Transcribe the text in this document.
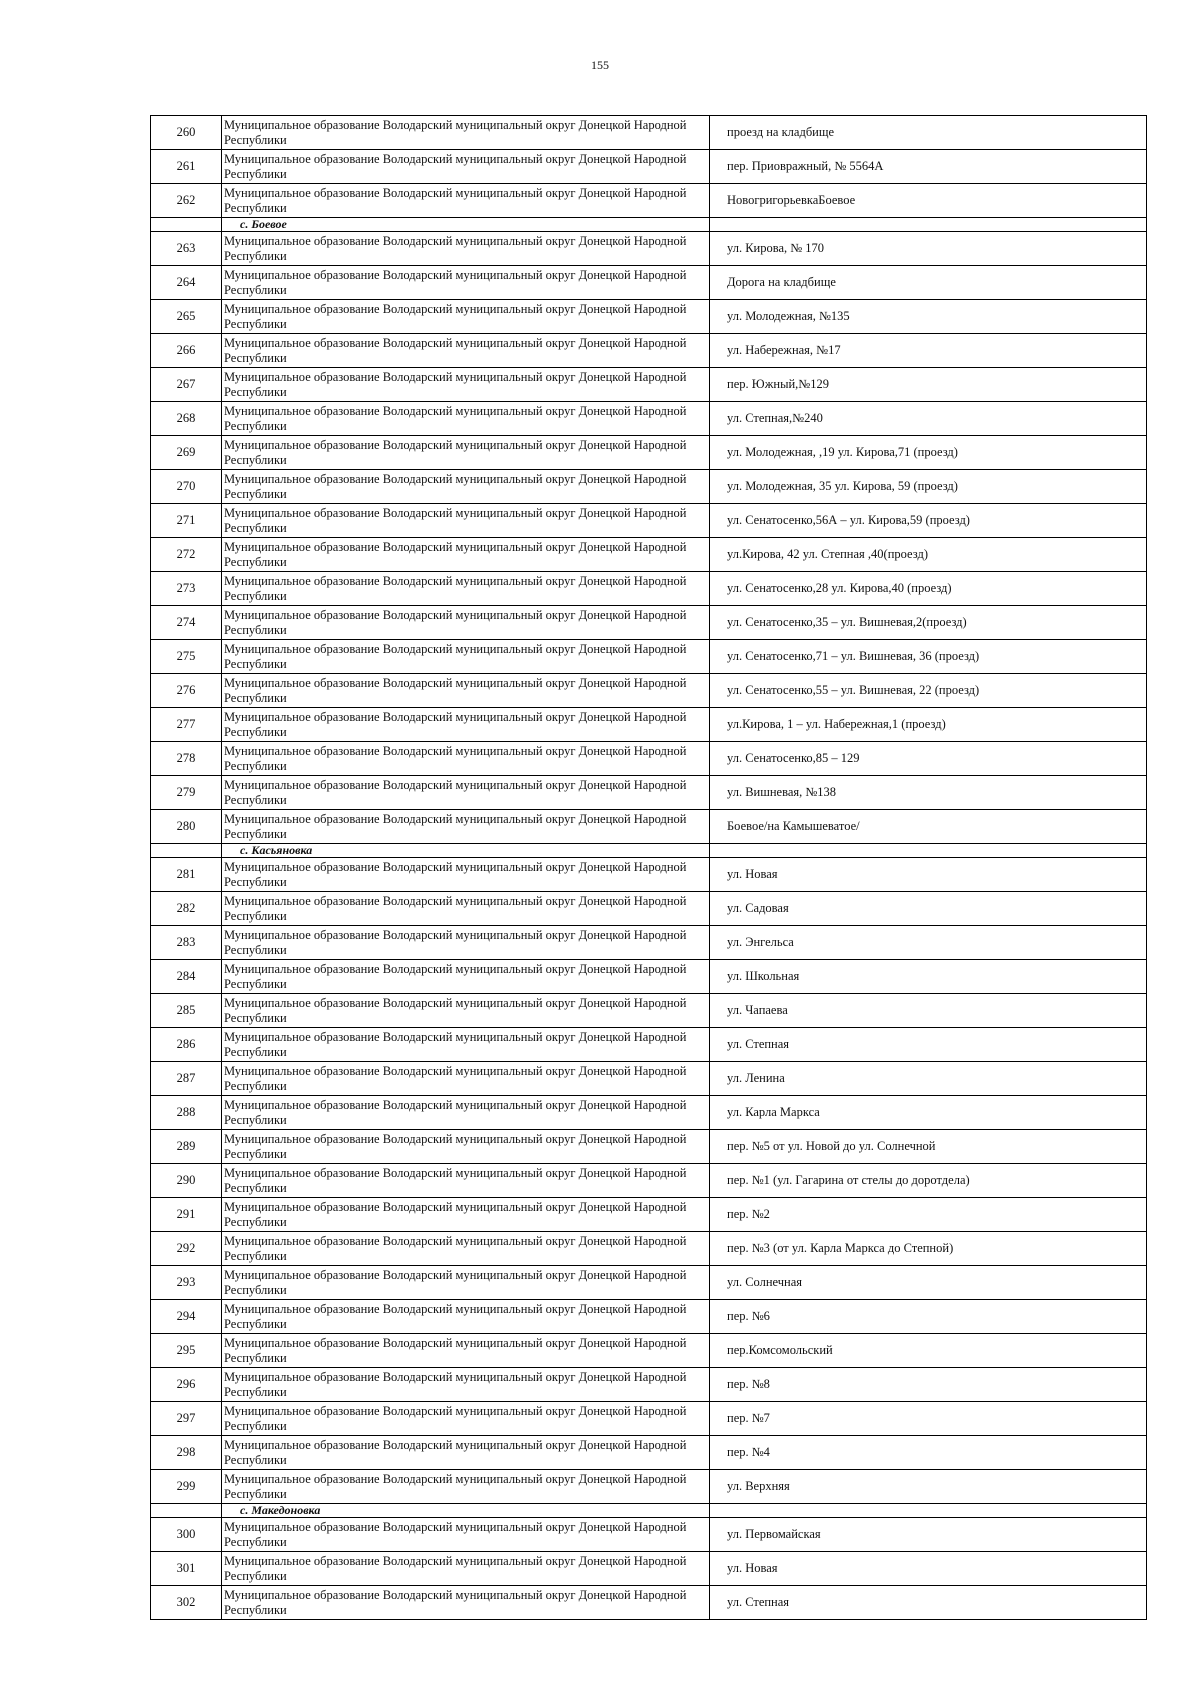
155
260	Муниципальное образование Володарский муниципальный округ Донецкой Народной Республики	проезд на кладбище
261	Муниципальное образование Володарский муниципальный округ Донецкой Народной Республики	пер. Приовражный, № 5564А
262	Муниципальное образование Володарский муниципальный округ Донецкой Народной Республики	НовогригорьевкаБоевое
	с. Боевое	
263	Муниципальное образование Володарский муниципальный округ Донецкой Народной Республики	ул. Кирова, № 170
264	Муниципальное образование Володарский муниципальный округ Донецкой Народной Республики	Дорога на кладбище
265	Муниципальное образование Володарский муниципальный округ Донецкой Народной Республики	ул. Молодежная, №135
266	Муниципальное образование Володарский муниципальный округ Донецкой Народной Республики	ул. Набережная, №17
267	Муниципальное образование Володарский муниципальный округ Донецкой Народной Республики	пер. Южный,№129
268	Муниципальное образование Володарский муниципальный округ Донецкой Народной Республики	ул. Степная,№240
269	Муниципальное образование Володарский муниципальный округ Донецкой Народной Республики	ул. Молодежная, ,19 ул. Кирова,71 (проезд)
270	Муниципальное образование Володарский муниципальный округ Донецкой Народной Республики	ул. Молодежная, 35 ул. Кирова, 59 (проезд)
271	Муниципальное образование Володарский муниципальный округ Донецкой Народной Республики	ул. Сенатосенко,56А – ул. Кирова,59 (проезд)
272	Муниципальное образование Володарский муниципальный округ Донецкой Народной Республики	ул.Кирова, 42 ул. Степная ,40(проезд)
273	Муниципальное образование Володарский муниципальный округ Донецкой Народной Республики	ул. Сенатосенко,28 ул. Кирова,40 (проезд)
274	Муниципальное образование Володарский муниципальный округ Донецкой Народной Республики	ул. Сенатосенко,35 – ул. Вишневая,2(проезд)
275	Муниципальное образование Володарский муниципальный округ Донецкой Народной Республики	ул. Сенатосенко,71 – ул. Вишневая, 36 (проезд)
276	Муниципальное образование Володарский муниципальный округ Донецкой Народной Республики	ул. Сенатосенко,55 – ул. Вишневая, 22 (проезд)
277	Муниципальное образование Володарский муниципальный округ Донецкой Народной Республики	ул.Кирова, 1 – ул. Набережная,1 (проезд)
278	Муниципальное образование Володарский муниципальный округ Донецкой Народной Республики	ул. Сенатосенко,85 – 129
279	Муниципальное образование Володарский муниципальный округ Донецкой Народной Республики	ул. Вишневая, №138
280	Муниципальное образование Володарский муниципальный округ Донецкой Народной Республики	Боевое/на Камышеватое/
	с. Касьяновка	
281	Муниципальное образование Володарский муниципальный округ Донецкой Народной Республики	ул. Новая
282	Муниципальное образование Володарский муниципальный округ Донецкой Народной Республики	ул. Садовая
283	Муниципальное образование Володарский муниципальный округ Донецкой Народной Республики	ул. Энгельса
284	Муниципальное образование Володарский муниципальный округ Донецкой Народной Республики	ул. Школьная
285	Муниципальное образование Володарский муниципальный округ Донецкой Народной Республики	ул. Чапаева
286	Муниципальное образование Володарский муниципальный округ Донецкой Народной Республики	ул. Степная
287	Муниципальное образование Володарский муниципальный округ Донецкой Народной Республики	ул. Ленина
288	Муниципальное образование Володарский муниципальный округ Донецкой Народной Республики	ул. Карла Маркса
289	Муниципальное образование Володарский муниципальный округ Донецкой Народной Республики	пер. №5 от ул. Новой до ул. Солнечной
290	Муниципальное образование Володарский муниципальный округ Донецкой Народной Республики	пер. №1 (ул. Гагарина от стелы до доротдела)
291	Муниципальное образование Володарский муниципальный округ Донецкой Народной Республики	пер. №2
292	Муниципальное образование Володарский муниципальный округ Донецкой Народной Республики	пер. №3 (от ул. Карла Маркса до Степной)
293	Муниципальное образование Володарский муниципальный округ Донецкой Народной Республики	ул. Солнечная
294	Муниципальное образование Володарский муниципальный округ Донецкой Народной Республики	пер. №6
295	Муниципальное образование Володарский муниципальный округ Донецкой Народной Республики	пер.Комсомольский
296	Муниципальное образование Володарский муниципальный округ Донецкой Народной Республики	пер. №8
297	Муниципальное образование Володарский муниципальный округ Донецкой Народной Республики	пер. №7
298	Муниципальное образование Володарский муниципальный округ Донецкой Народной Республики	пер. №4
299	Муниципальное образование Володарский муниципальный округ Донецкой Народной Республики	ул. Верхняя
	с. Македоновка	
300	Муниципальное образование Володарский муниципальный округ Донецкой Народной Республики	ул. Первомайская
301	Муниципальное образование Володарский муниципальный округ Донецкой Народной Республики	ул. Новая
302	Муниципальное образование Володарский муниципальный округ Донецкой Народной Республики	ул. Степная
